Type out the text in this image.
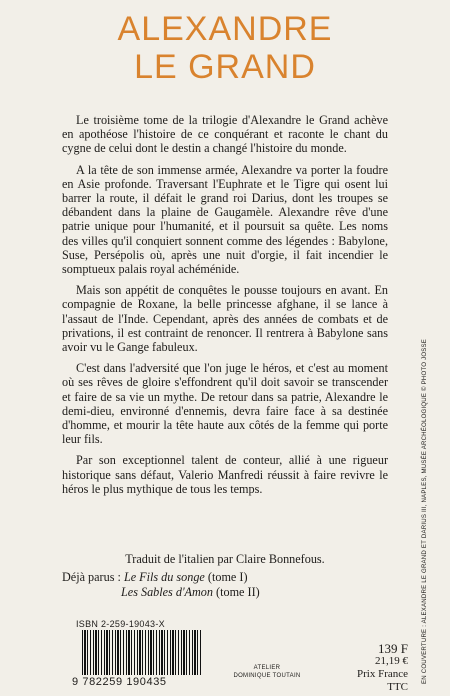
ALEXANDRE
LE GRAND

Le troisième tome de la trilogie d'Alexandre le Grand achève en apothéose l'histoire de ce conquérant et raconte le chant du cygne de celui dont le destin a changé l'histoire du monde.

A la tête de son immense armée, Alexandre va porter la foudre en Asie profonde. Traversant l'Euphrate et le Tigre qui osent lui barrer la route, il défait le grand roi Darius, dont les troupes se débandent dans la plaine de Gaugamèle. Alexandre rêve d'une patrie unique pour l'humanité, et il poursuit sa quête. Les noms des villes qu'il conquiert sonnent comme des légendes : Babylone, Suse, Persépolis où, après une nuit d'orgie, il fait incendier le somptueux palais royal achéménide.

Mais son appétit de conquêtes le pousse toujours en avant. En compagnie de Roxane, la belle princesse afghane, il se lance à l'assaut de l'Inde. Cependant, après des années de combats et de privations, il est contraint de renoncer. Il rentrera à Babylone sans avoir vu le Gange fabuleux.

C'est dans l'adversité que l'on juge le héros, et c'est au moment où ses rêves de gloire s'effondrent qu'il doit savoir se transcender et faire de sa vie un mythe. De retour dans sa patrie, Alexandre le demi-dieu, environné d'ennemis, devra faire face à sa destinée d'homme, et mourir la tête haute aux côtés de la femme qui porte leur fils.

Par son exceptionnel talent de conteur, allié à une rigueur historique sans défaut, Valerio Manfredi réussit à faire revivre le héros le plus mythique de tous les temps.

Traduit de l'italien par Claire Bonnefous.
Déjà parus : Le Fils du songe (tome I)
Les Sables d'Amon (tome II)
ISBN 2-259-19043-X
9 782259 190435
ATELIER
DOMINIQUE TOUTAIN
139 F
21,19 €
Prix France TTC
EN COUVERTURE : ALEXANDRE LE GRAND ET DARIUS III, NAPLES, MUSÉE ARCHÉOLOGIQUE © PHOTO JOSSE
